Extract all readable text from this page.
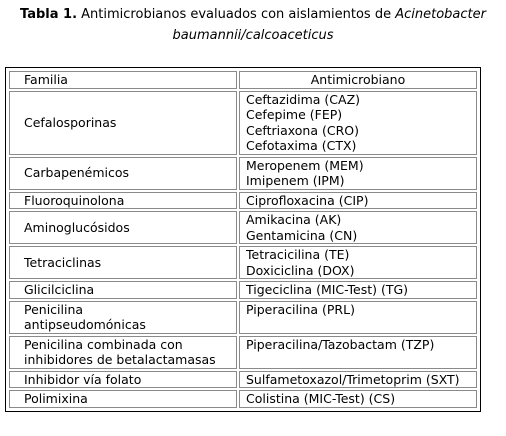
Tabla 1. Antimicrobianos evaluados con aislamientos de Acinetobacter
baumannii/calcoaceticus

Familia	Antimicrobiano

Cefalosporinas	Ceftazidima (CAZ)
Cefepime (FEP)
Ceftriaxona (CRO)
Cefotaxima (CTX)

Carbapenémicos	Meropenem (MEM)
Imipenem (IPM)

Fluoroquinolona	Ciprofloxacina (CIP)

Aminoglucósidos	Amikacina (AK)
Gentamicina (CN)

Tetraciclinas	Tetracicilina (TE)
Doxiciclina (DOX)

Glicilciclina	Tigeciclina (MIC-Test) (TG)

Penicilina
antipseudomónicas	Piperacilina (PRL)

Penicilina combinada con
inhibidores de betalactamasas	Piperacilina/Tazobactam (TZP)

Inhibidor vía folato	Sulfametoxazol/Trimetoprim (SXT)

Polimixina	Colistina (MIC-Test) (CS)
